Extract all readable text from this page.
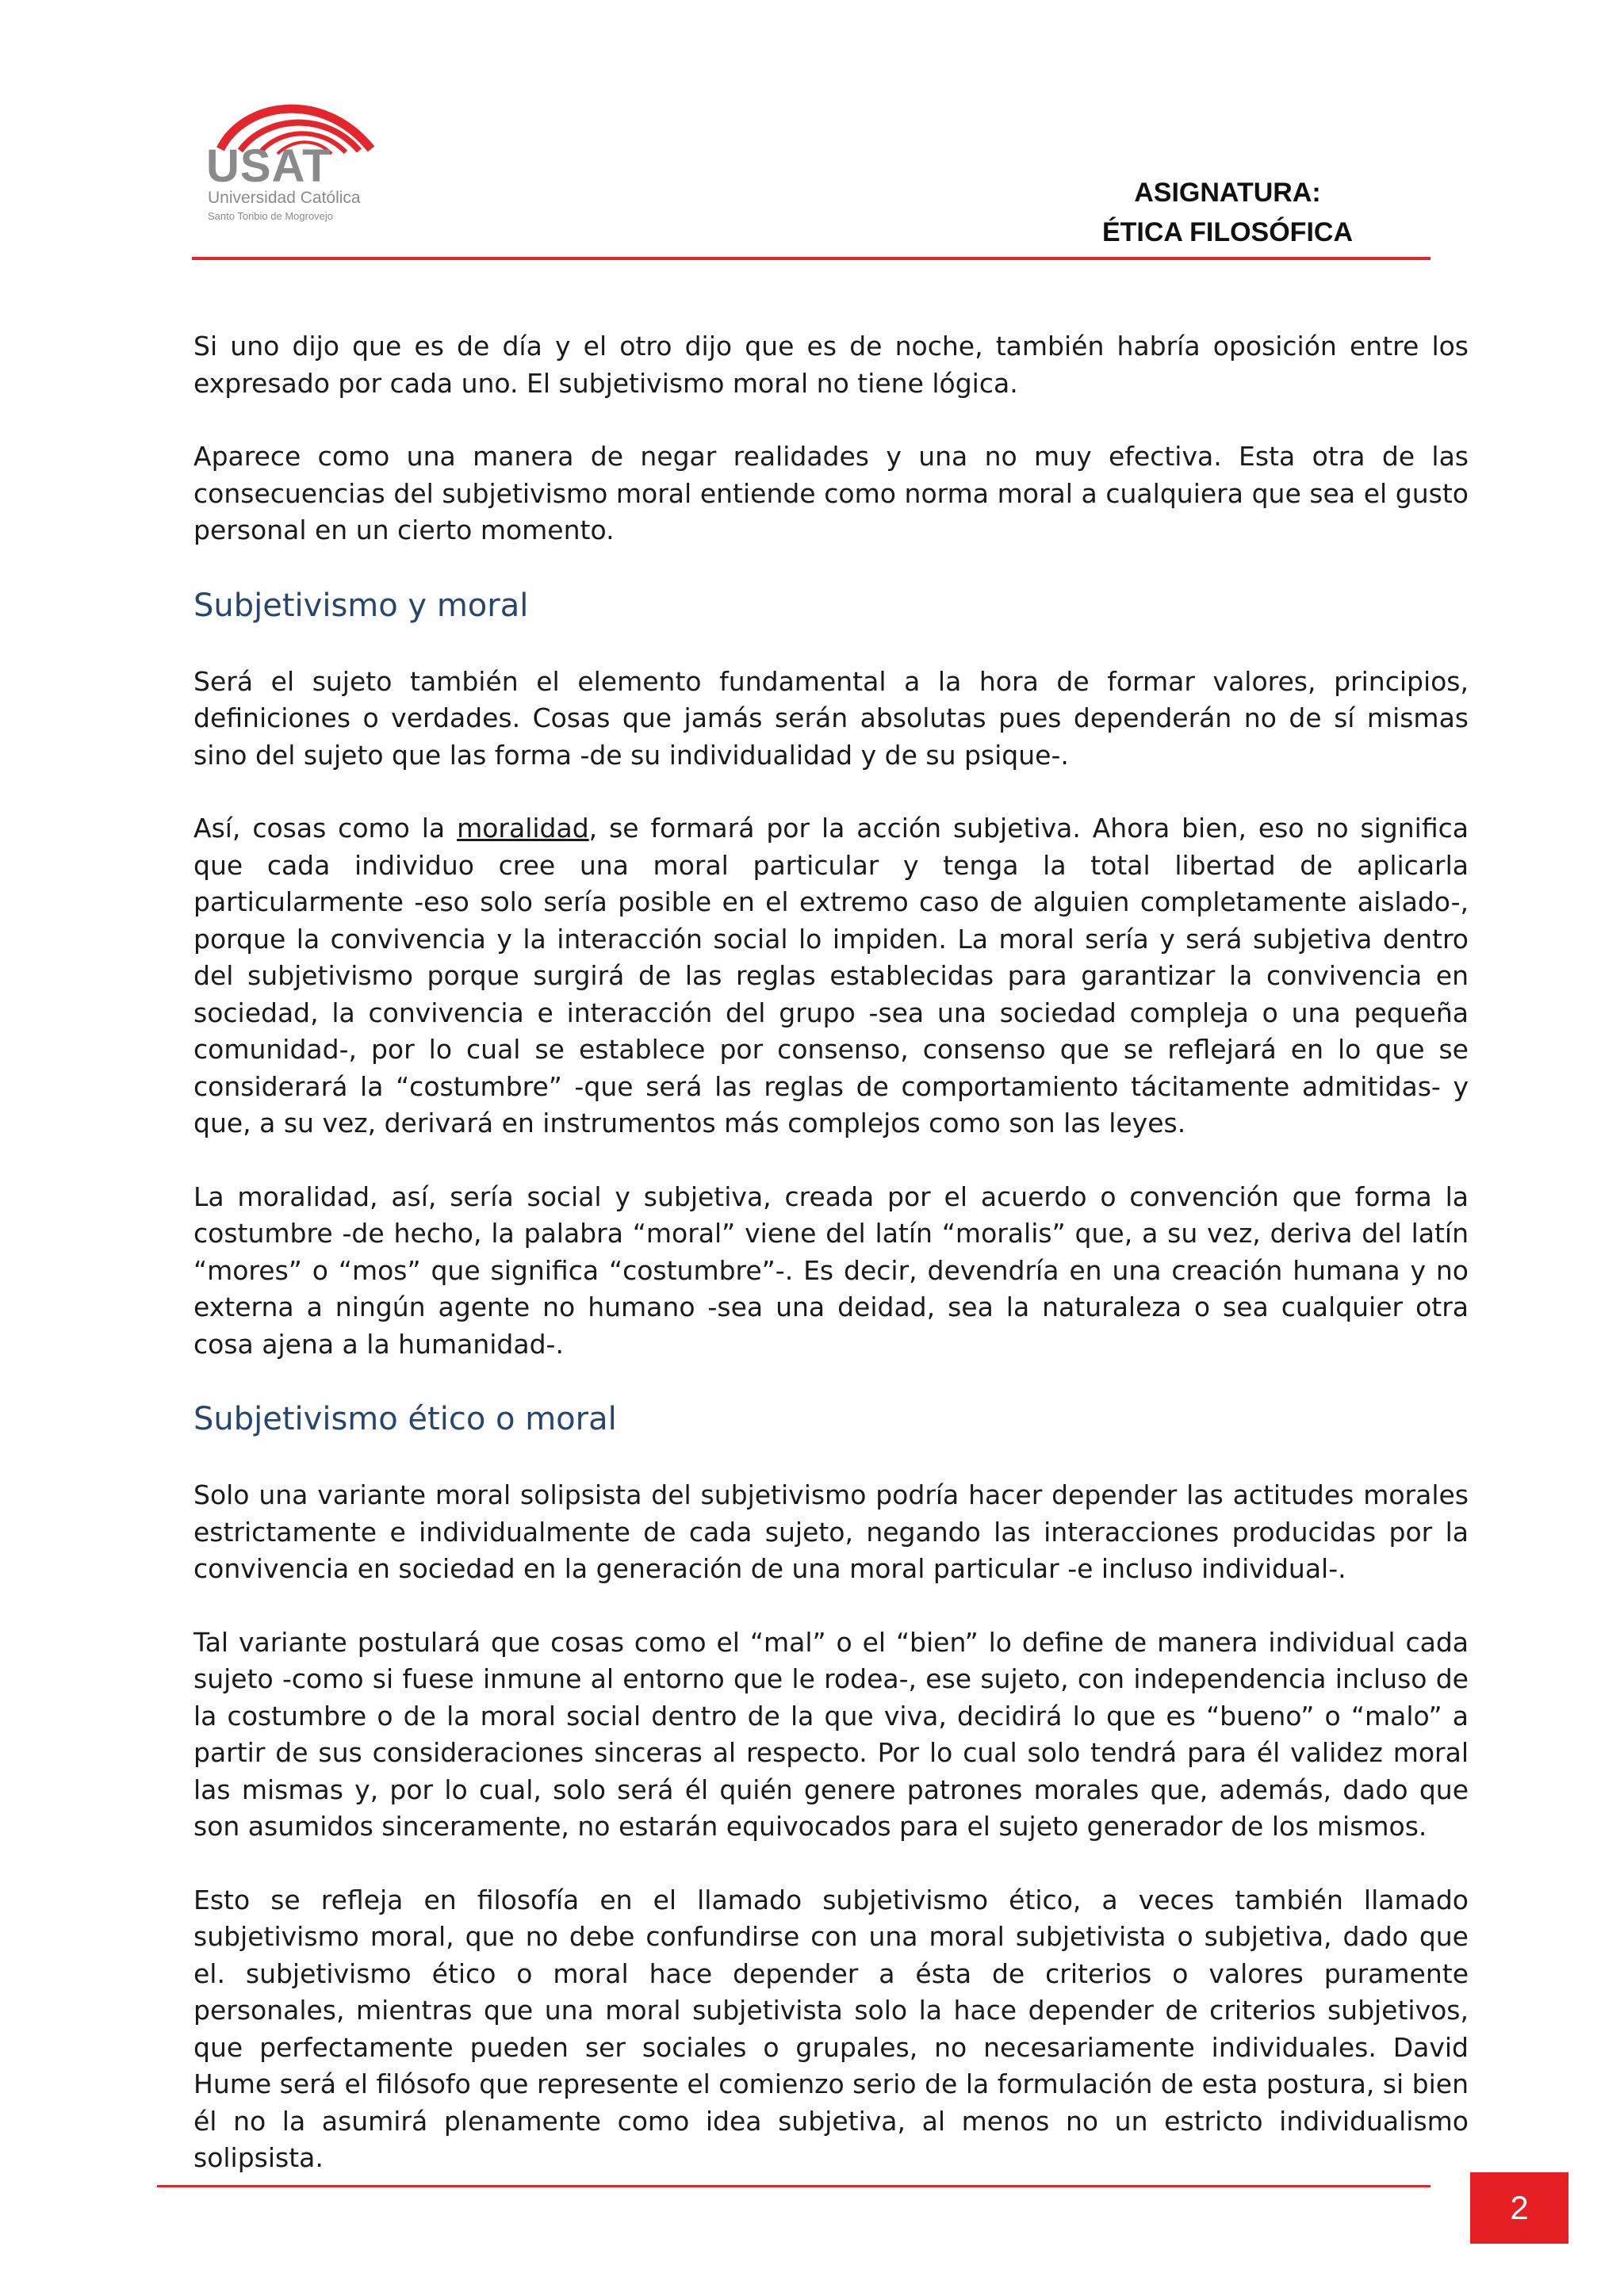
USAT
Universidad Católica
Santo Toribio de Mogrovejo
ASIGNATURA:
ÉTICA FILOSÓFICA

Si uno dijo que es de día y el otro dijo que es de noche, también habría oposición entre los expresado por cada uno. El subjetivismo moral no tiene lógica.

Aparece como una manera de negar realidades y una no muy efectiva. Esta otra de las consecuencias del subjetivismo moral entiende como norma moral a cualquiera que sea el gusto personal en un cierto momento.

Subjetivismo y moral

Será el sujeto también el elemento fundamental a la hora de formar valores, principios, definiciones o verdades. Cosas que jamás serán absolutas pues dependerán no de sí mismas sino del sujeto que las forma -de su individualidad y de su psique-.

Así, cosas como la moralidad, se formará por la acción subjetiva. Ahora bien, eso no significa que cada individuo cree una moral particular y tenga la total libertad de aplicarla particularmente -eso solo sería posible en el extremo caso de alguien completamente aislado-, porque la convivencia y la interacción social lo impiden. La moral sería y será subjetiva dentro del subjetivismo porque surgirá de las reglas establecidas para garantizar la convivencia en sociedad, la convivencia e interacción del grupo -sea una sociedad compleja o una pequeña comunidad-, por lo cual se establece por consenso, consenso que se reflejará en lo que se considerará la “costumbre” -que será las reglas de comportamiento tácitamente admitidas- y que, a su vez, derivará en instrumentos más complejos como son las leyes.

La moralidad, así, sería social y subjetiva, creada por el acuerdo o convención que forma la costumbre -de hecho, la palabra “moral” viene del latín “moralis” que, a su vez, deriva del latín “mores” o “mos” que significa “costumbre”-. Es decir, devendría en una creación humana y no externa a ningún agente no humano -sea una deidad, sea la naturaleza o sea cualquier otra cosa ajena a la humanidad-.

Subjetivismo ético o moral

Solo una variante moral solipsista del subjetivismo podría hacer depender las actitudes morales estrictamente e individualmente de cada sujeto, negando las interacciones producidas por la convivencia en sociedad en la generación de una moral particular -e incluso individual-.

Tal variante postulará que cosas como el “mal” o el “bien” lo define de manera individual cada sujeto -como si fuese inmune al entorno que le rodea-, ese sujeto, con independencia incluso de la costumbre o de la moral social dentro de la que viva, decidirá lo que es “bueno” o “malo” a partir de sus consideraciones sinceras al respecto. Por lo cual solo tendrá para él validez moral las mismas y, por lo cual, solo será él quién genere patrones morales que, además, dado que son asumidos sinceramente, no estarán equivocados para el sujeto generador de los mismos.

Esto se refleja en filosofía en el llamado subjetivismo ético, a veces también llamado subjetivismo moral, que no debe confundirse con una moral subjetivista o subjetiva, dado que el. subjetivismo ético o moral hace depender a ésta de criterios o valores puramente personales, mientras que una moral subjetivista solo la hace depender de criterios subjetivos, que perfectamente pueden ser sociales o grupales, no necesariamente individuales. David Hume será el filósofo que represente el comienzo serio de la formulación de esta postura, si bien él no la asumirá plenamente como idea subjetiva, al menos no un estricto individualismo solipsista.

2
